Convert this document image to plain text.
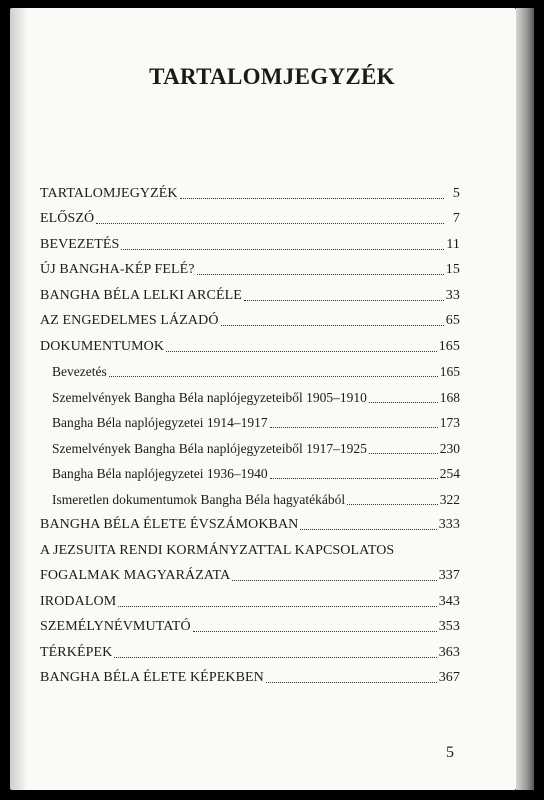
TARTALOMJEGYZÉK
TARTALOMJEGYZÉK	5
ELŐSZÓ	7
BEVEZETÉS	11
ÚJ BANGHA-KÉP FELÉ?	15
BANGHA BÉLA LELKI ARCÉLE	33
AZ ENGEDELMES LÁZADÓ	65
DOKUMENTUMOK	165
Bevezetés	165
Szemelvények Bangha Béla naplójegyzeteiből 1905–1910	168
Bangha Béla naplójegyzetei 1914–1917	173
Szemelvények Bangha Béla naplójegyzeteiből 1917–1925	230
Bangha Béla naplójegyzetei 1936–1940	254
Ismeretlen dokumentumok Bangha Béla hagyatékából	322
BANGHA BÉLA ÉLETE ÉVSZÁMOKBAN	333
A JEZSUITA RENDI KORMÁNYZATTAL KAPCSOLATOS
FOGALMAK MAGYARÁZATA	337
IRODALOM	343
SZEMÉLYNÉVMUTATÓ	353
TÉRKÉPEK	363
BANGHA BÉLA ÉLETE KÉPEKBEN	367
5
